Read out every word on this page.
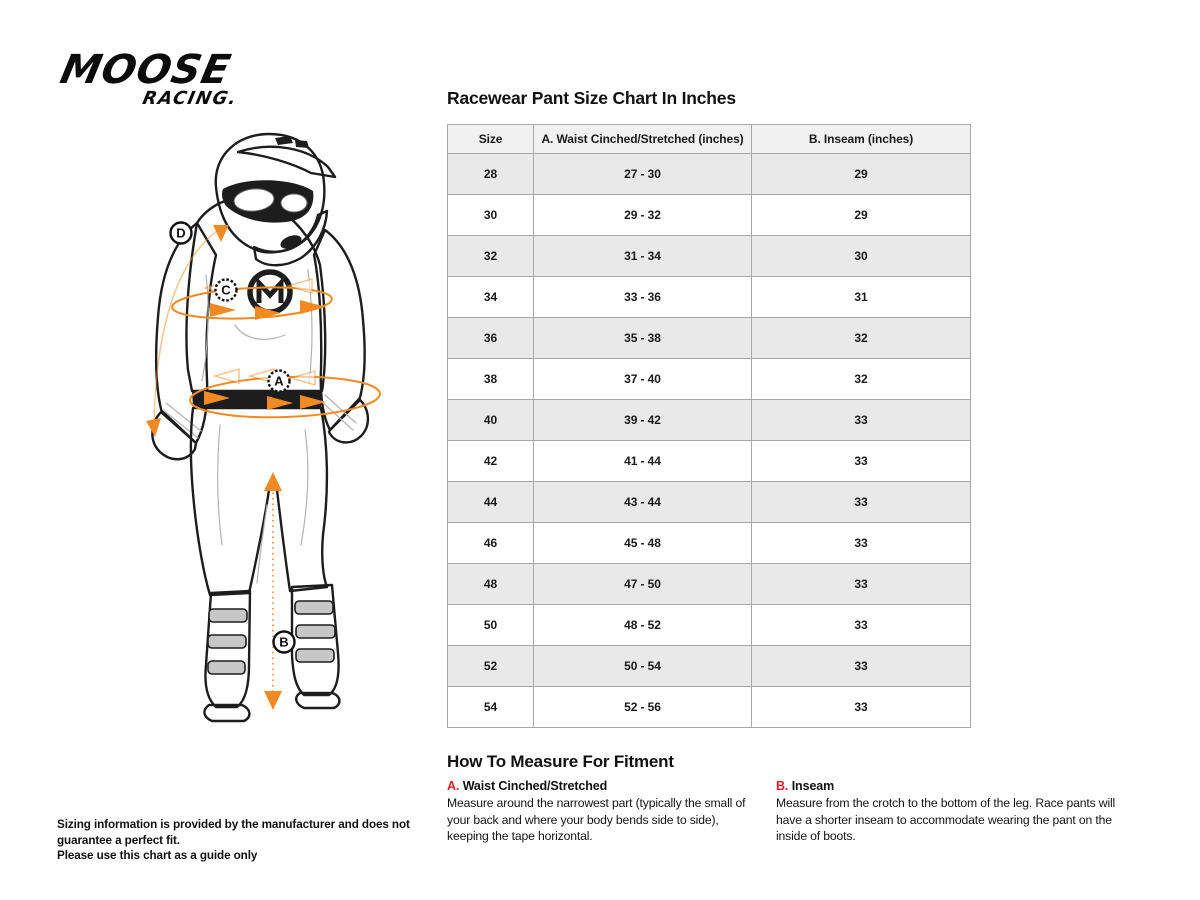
MOOSE
RACING.
D
C
A
B
Racewear Pant Size Chart In Inches
Size	A. Waist Cinched/Stretched (inches)	B. Inseam (inches)
28	27 - 30	29
30	29 - 32	29
32	31 - 34	30
34	33 - 36	31
36	35 - 38	32
38	37 - 40	32
40	39 - 42	33
42	41 - 44	33
44	43 - 44	33
46	45 - 48	33
48	47 - 50	33
50	48 - 52	33
52	50 - 54	33
54	52 - 56	33
How To Measure For Fitment
A. Waist Cinched/Stretched
Measure around the narrowest part (typically the small of your back and where your body bends side to side), keeping the tape horizontal.
B. Inseam
Measure from the crotch to the bottom of the leg. Race pants will have a shorter inseam to accommodate wearing the pant on the inside of boots.
Sizing information is provided by the manufacturer and does not guarantee a perfect fit.
Please use this chart as a guide only
